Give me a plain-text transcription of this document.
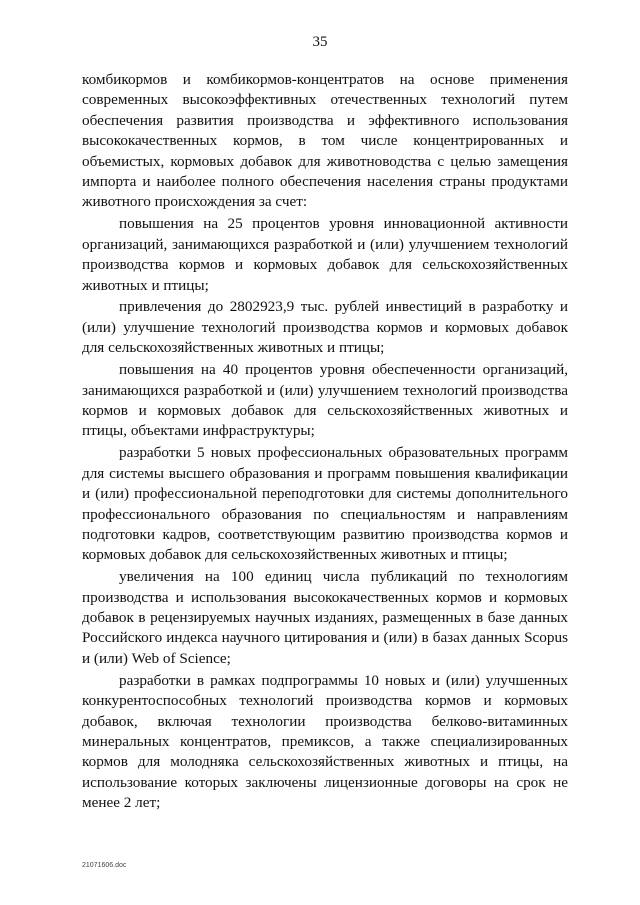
35

комбикормов и комбикормов-концентратов на основе применения современных высокоэффективных отечественных технологий путем обеспечения развития производства и эффективного использования высококачественных кормов, в том числе концентрированных и объемистых, кормовых добавок для животноводства с целью замещения импорта и наиболее полного обеспечения населения страны продуктами животного происхождения за счет:

повышения на 25 процентов уровня инновационной активности организаций, занимающихся разработкой и (или) улучшением технологий производства кормов и кормовых добавок для сельскохозяйственных животных и птицы;

привлечения до 2802923,9 тыс. рублей инвестиций в разработку и (или) улучшение технологий производства кормов и кормовых добавок для сельскохозяйственных животных и птицы;

повышения на 40 процентов уровня обеспеченности организаций, занимающихся разработкой и (или) улучшением технологий производства кормов и кормовых добавок для сельскохозяйственных животных и птицы, объектами инфраструктуры;

разработки 5 новых профессиональных образовательных программ для системы высшего образования и программ повышения квалификации и (или) профессиональной переподготовки для системы дополнительного профессионального образования по специальностям и направлениям подготовки кадров, соответствующим развитию производства кормов и кормовых добавок для сельскохозяйственных животных и птицы;

увеличения на 100 единиц числа публикаций по технологиям производства и использования высококачественных кормов и кормовых добавок в рецензируемых научных изданиях, размещенных в базе данных Российского индекса научного цитирования и (или) в базах данных Scopus и (или) Web of Science;

разработки в рамках подпрограммы 10 новых и (или) улучшенных конкурентоспособных технологий производства кормов и кормовых добавок, включая технологии производства белково-витаминных минеральных концентратов, премиксов, а также специализированных кормов для молодняка сельскохозяйственных животных и птицы, на использование которых заключены лицензионные договоры на срок не менее 2 лет;

21071606.doc
